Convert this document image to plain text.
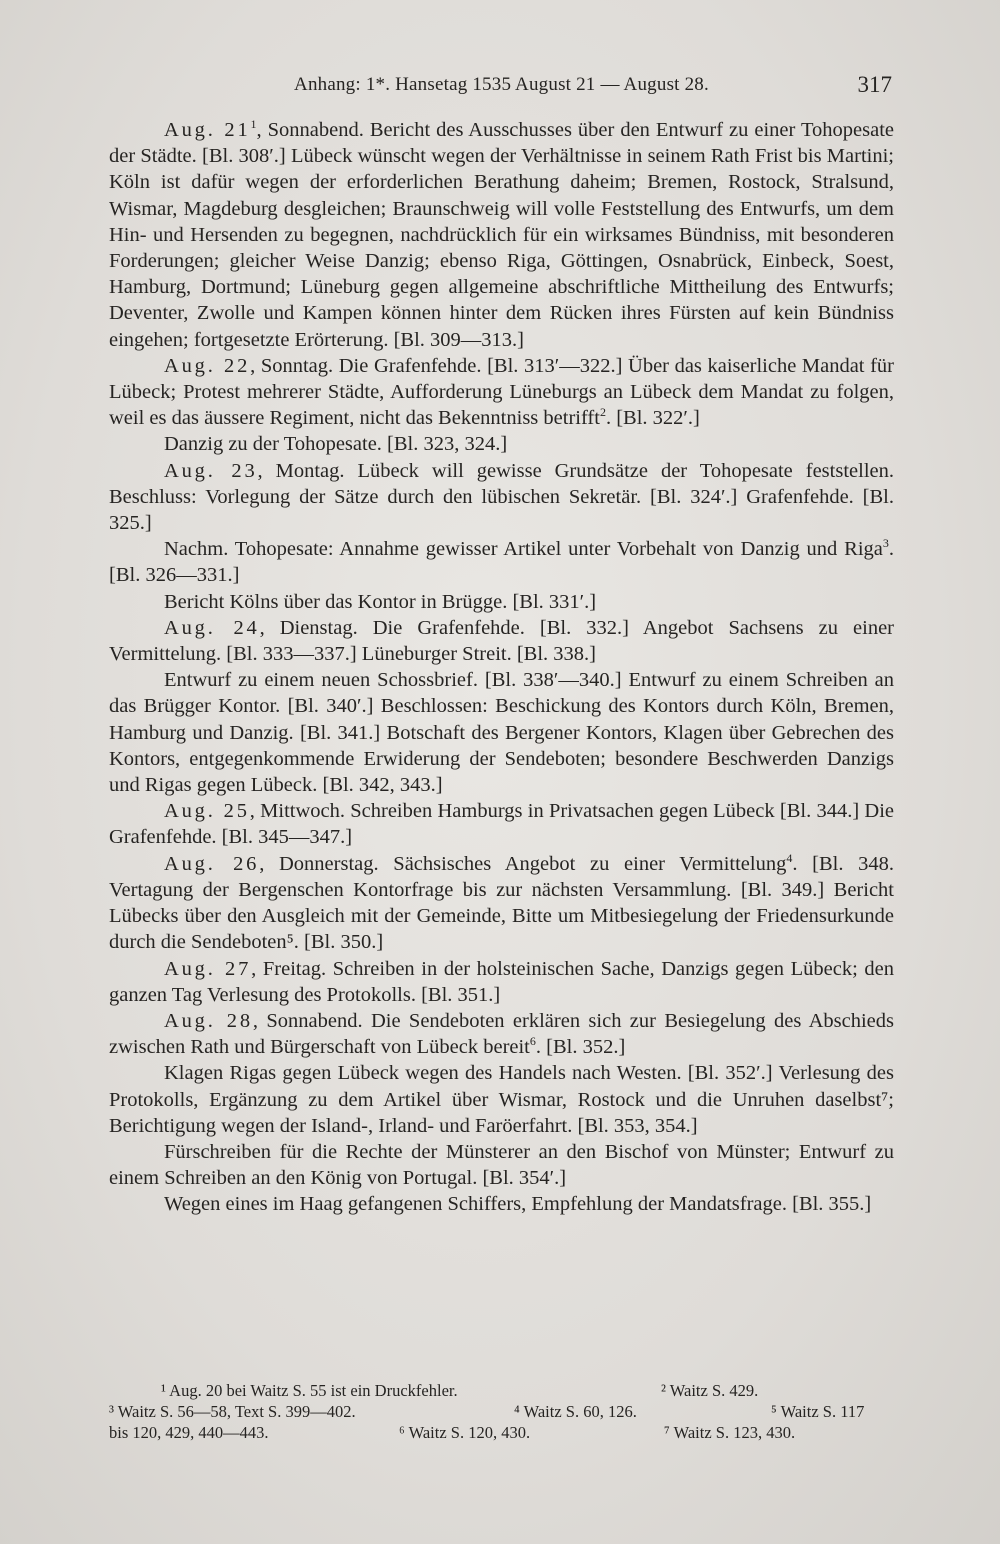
Anhang: 1*. Hansetag 1535 August 21 — August 28.	317

Aug. $21^1$, Sonnabend. Bericht des Ausschusses über den Entwurf zu einer Tohopesate der Städte. [Bl. 308′.] Lübeck wünscht wegen der Verhältnisse in seinem Rath Frist bis Martini; Köln ist dafür wegen der erforderlichen Berathung daheim; Bremen, Rostock, Stralsund, Wismar, Magdeburg desgleichen; Braunschweig will volle Feststellung des Entwurfs, um dem Hin- und Hersenden zu begegnen, nachdrücklich für ein wirksames Bündniss, mit besonderen Forderungen; gleicher Weise Danzig; ebenso Riga, Göttingen, Osnabrück, Einbeck, Soest, Hamburg, Dortmund; Lüneburg gegen allgemeine abschriftliche Mittheilung des Entwurfs; Deventer, Zwolle und Kampen können hinter dem Rücken ihres Fürsten auf kein Bündniss eingehen; fortgesetzte Erörterung. [Bl. 309—313.]

Aug. 22, Sonntag. Die Grafenfehde. [Bl. 313′—322.] Über das kaiserliche Mandat für Lübeck; Protest mehrerer Städte, Aufforderung Lüneburgs an Lübeck dem Mandat zu folgen, weil es das äussere Regiment, nicht das Bekenntniss betrifft$^2$. [Bl. 322′.]

Danzig zu der Tohopesate. [Bl. 323, 324.]

Aug. 23, Montag. Lübeck will gewisse Grundsätze der Tohopesate feststellen. Beschluss: Vorlegung der Sätze durch den lübischen Sekretär. [Bl. 324′.] Grafenfehde. [Bl. 325.]

Nachm. Tohopesate: Annahme gewisser Artikel unter Vorbehalt von Danzig und Riga$^3$. [Bl. 326—331.]

Bericht Kölns über das Kontor in Brügge. [Bl. 331′.]

Aug. 24, Dienstag. Die Grafenfehde. [Bl. 332.] Angebot Sachsens zu einer Vermittelung. [Bl. 333—337.] Lüneburger Streit. [Bl. 338.]

Entwurf zu einem neuen Schossbrief. [Bl. 338′—340.] Entwurf zu einem Schreiben an das Brügger Kontor. [Bl. 340′.] Beschlossen: Beschickung des Kontors durch Köln, Bremen, Hamburg und Danzig. [Bl. 341.] Botschaft des Bergener Kontors, Klagen über Gebrechen des Kontors, entgegenkommende Erwiderung der Sendeboten; besondere Beschwerden Danzigs und Rigas gegen Lübeck. [Bl. 342, 343.]

Aug. 25, Mittwoch. Schreiben Hamburgs in Privatsachen gegen Lübeck [Bl. 344.] Die Grafenfehde. [Bl. 345—347.]

Aug. 26, Donnerstag. Sächsisches Angebot zu einer Vermittelung$^4$. [Bl. 348. Vertagung der Bergenschen Kontorfrage bis zur nächsten Versammlung. [Bl. 349.] Bericht Lübecks über den Ausgleich mit der Gemeinde, Bitte um Mitbesiegelung der Friedensurkunde durch die Sendeboten⁵. [Bl. 350.]

Aug. 27, Freitag. Schreiben in der holsteinischen Sache, Danzigs gegen Lübeck; den ganzen Tag Verlesung des Protokolls. [Bl. 351.]

Aug. 28, Sonnabend. Die Sendeboten erklären sich zur Besiegelung des Abschieds zwischen Rath und Bürgerschaft von Lübeck bereit$^6$. [Bl. 352.]

Klagen Rigas gegen Lübeck wegen des Handels nach Westen. [Bl. 352′.] Verlesung des Protokolls, Ergänzung zu dem Artikel über Wismar, Rostock und die Unruhen daselbst⁷; Berichtigung wegen der Island-, Irland- und Faröerfahrt. [Bl. 353, 354.]

Fürschreiben für die Rechte der Münsterer an den Bischof von Münster; Entwurf zu einem Schreiben an den König von Portugal. [Bl. 354′.]

Wegen eines im Haag gefangenen Schiffers, Empfehlung der Mandatsfrage. [Bl. 355.]

¹ Aug. 20 bei Waitz S. 55 ist ein Druckfehler.	² Waitz S. 429.
³ Waitz S. 56—58, Text S. 399—402.	⁴ Waitz S. 60, 126.	⁵ Waitz S. 117
bis 120, 429, 440—443.	⁶ Waitz S. 120, 430.	⁷ Waitz S. 123, 430.
